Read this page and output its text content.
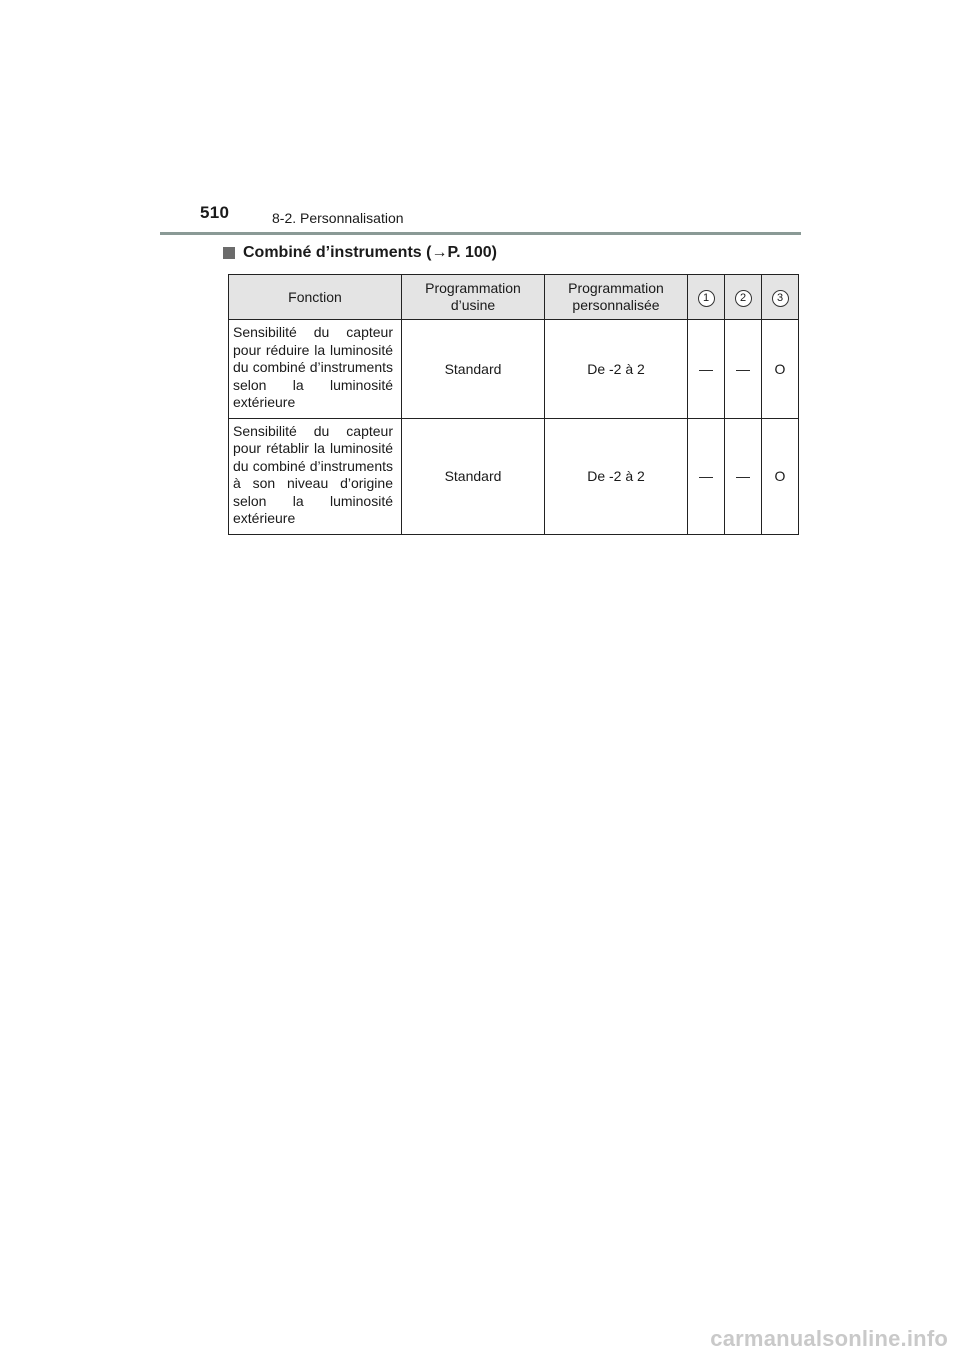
510	8-2. Personnalisation
Combiné d’instruments (→P. 100)
Fonction	Programmation d’usine	Programmation personnalisée	1	2	3
Sensibilité du capteur pour réduire la luminosité du combiné d’instruments selon la luminosité extérieure	Standard	De -2 à 2	—	—	O
Sensibilité du capteur pour rétablir la luminosité du combiné d’instruments à son niveau d’origine selon la luminosité extérieure	Standard	De -2 à 2	—	—	O
carmanualsonline.info
